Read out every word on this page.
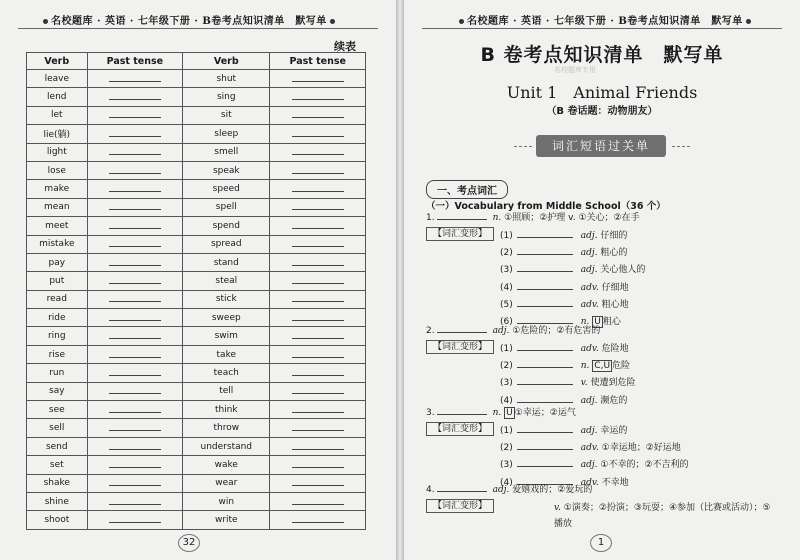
名校题库 · 英语 · 七年级下册 · B卷考点知识清单　 默写单
续表
Verb	Past tense	Verb	Past tense
leave		shut	
lend		sing	
let		sit	
lie(躺)		sleep	
light		smell	
lose		speak	
make		speed	
mean		spell	
meet		spend	
mistake		spread	
pay		stand	
put		steal	
read		stick	
ride		sweep	
ring		swim	
rise		take	
run		teach	
say		tell	
see		think	
sell		throw	
send		understand	
set		wake	
shake		wear	
shine		win	
shoot		write	
32
名校题库 · 英语 · 七年级下册 · B卷考点知识清单　 默写单
B 卷考点知识清单　默写单
名校题库专用
Unit 1　Animal Friends
（B 卷话题：动物朋友）
词汇短语过关单
一、考点词汇
（一）Vocabulary from Middle School（36 个）
1.	n. ①照顾；②护理 v. ①关心；②在手
【词汇变形】	(1)	adj. 仔细的
(2)	adj. 粗心的
(3)	adj. 关心他人的
(4)	adv. 仔细地
(5)	adv. 粗心地
(6)	n. U 粗心
2.	adj. ①危险的；②有危害的
【词汇变形】	(1)	adv. 危险地
(2)	n. C,U 危险
(3)	v. 使遭到危险
(4)	adj. 濒危的
3.	n. U ①幸运；②运气
【词汇变形】	(1)	adj. 幸运的
(2)	adv. ①幸运地；②好运地
(3)	adj. ①不幸的；②不吉利的
(4)	adv. 不幸地
4.	adj. 爱嬉戏的；②爱玩的
【词汇变形】	v. ①演奏；②扮演；③玩耍；④参加（比赛或活动）；⑤播放
1
